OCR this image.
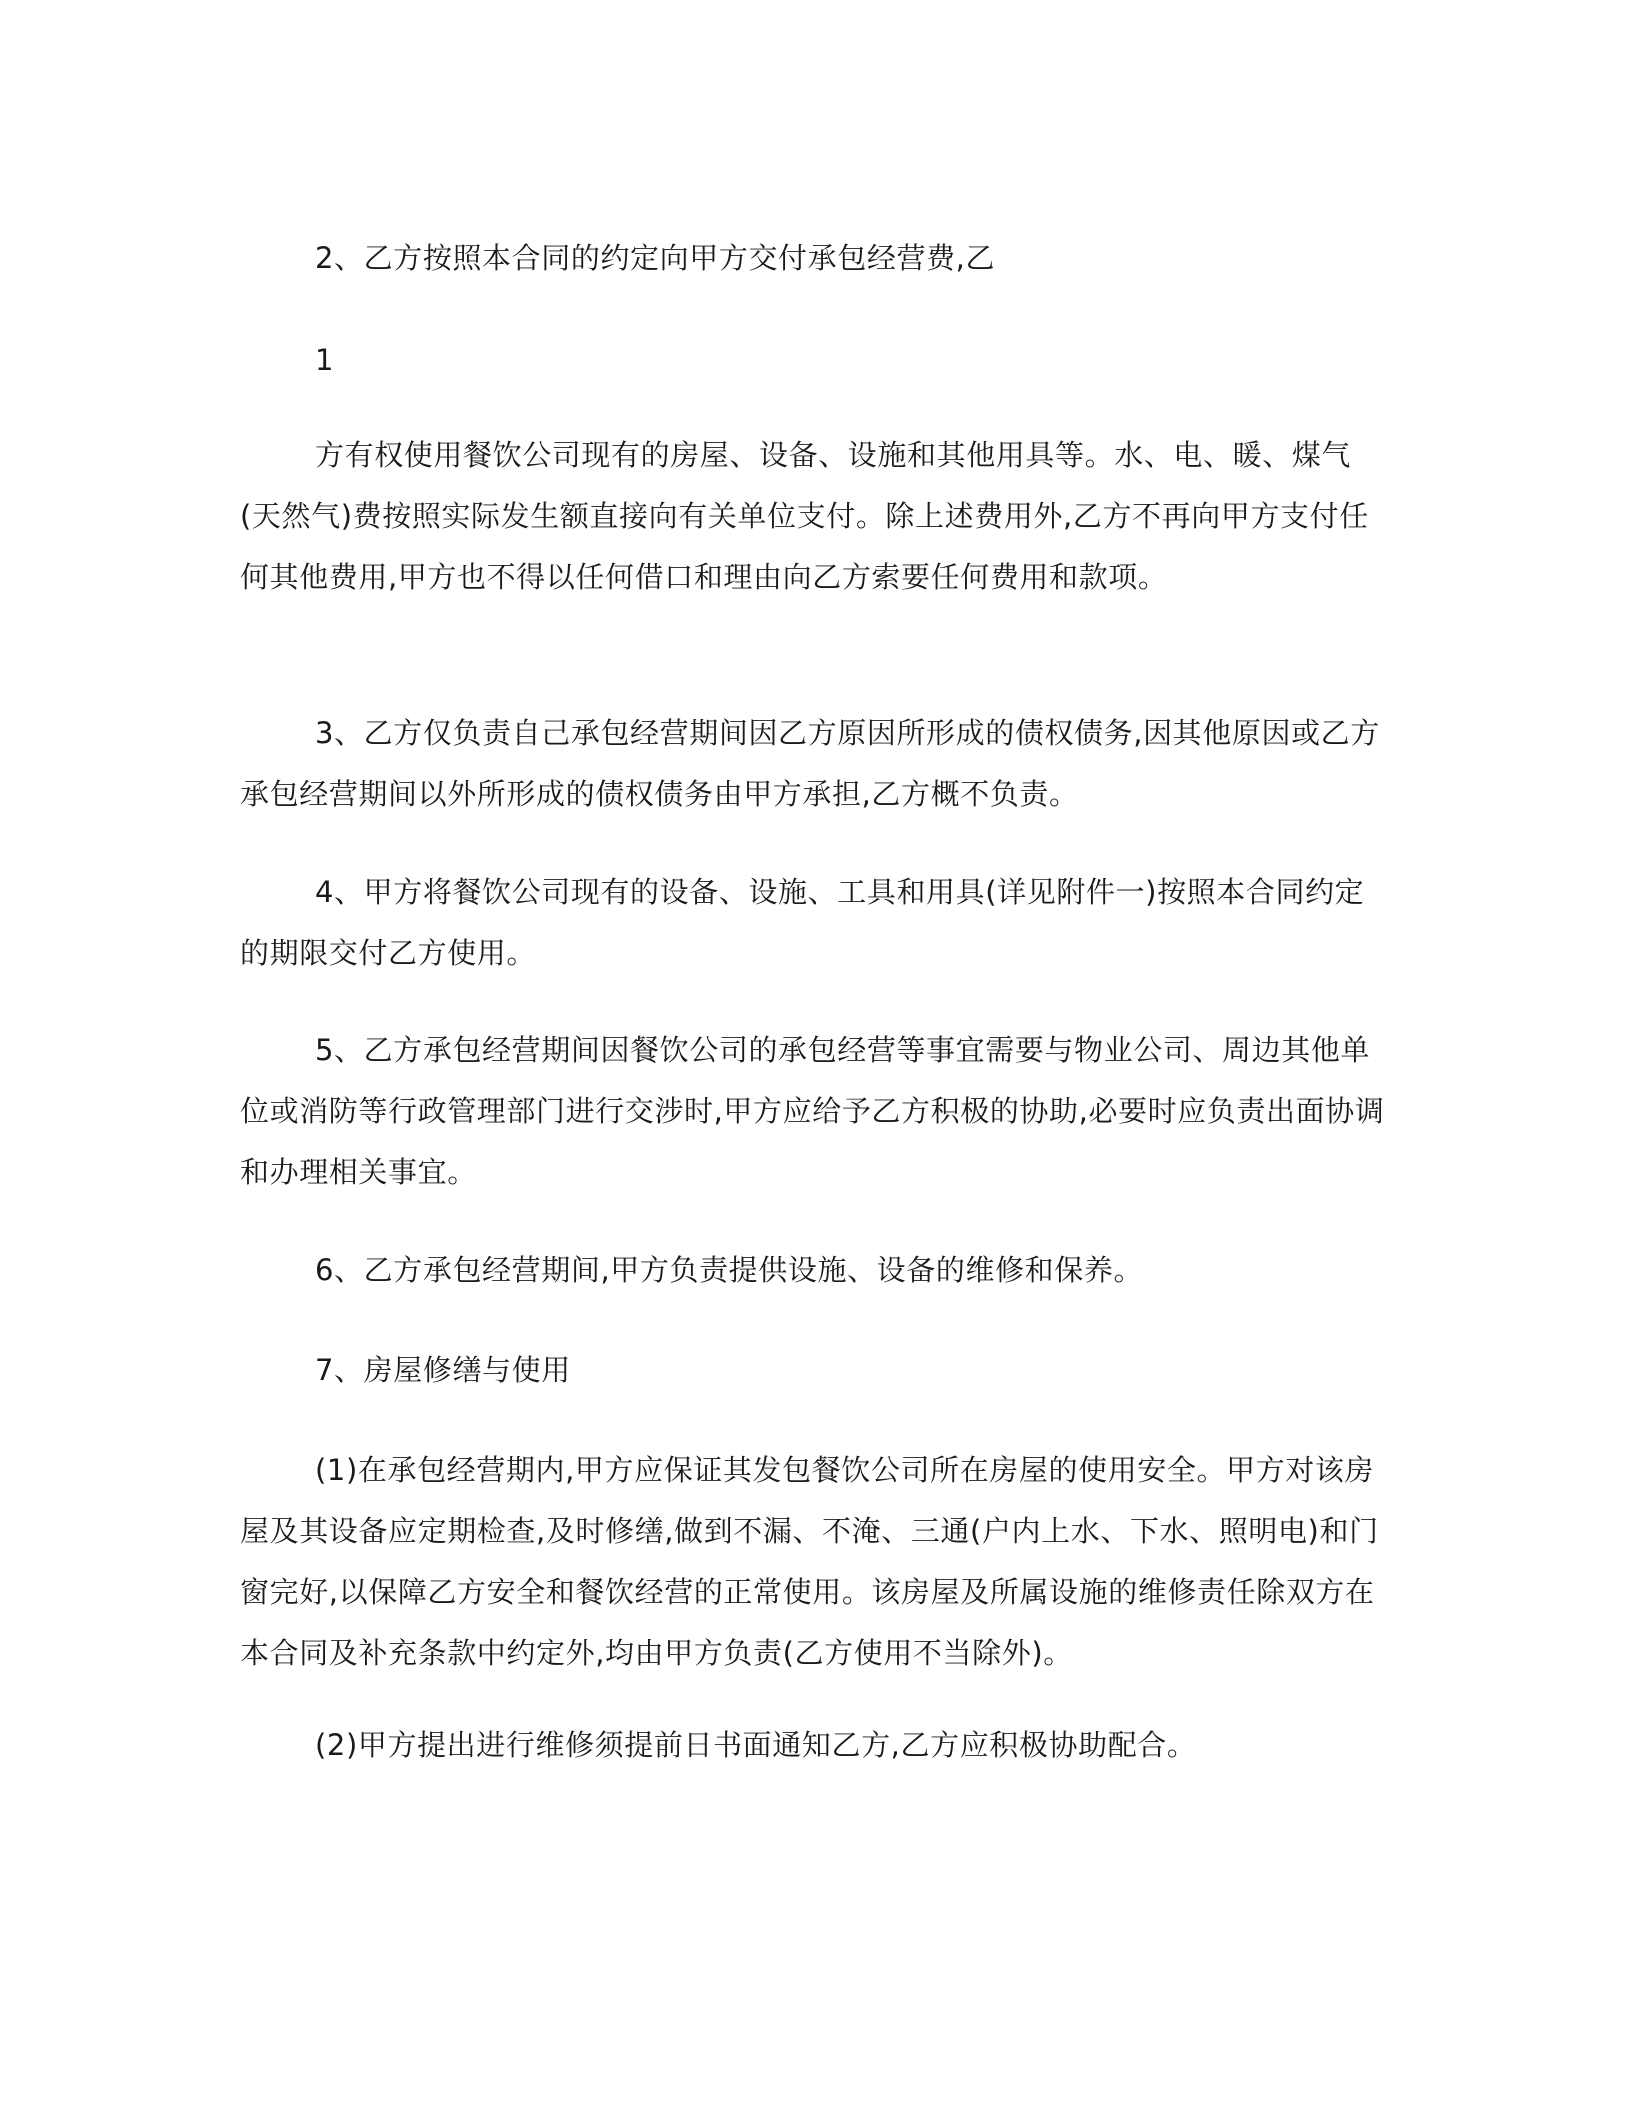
2、乙方按照本合同的约定向甲方交付承包经营费,乙

1

方有权使用餐饮公司现有的房屋、设备、设施和其他用具等。水、电、暖、煤气(天然气)费按照实际发生额直接向有关单位支付。除上述费用外,乙方不再向甲方支付任何其他费用,甲方也不得以任何借口和理由向乙方索要任何费用和款项。

3、乙方仅负责自己承包经营期间因乙方原因所形成的债权债务,因其他原因或乙方承包经营期间以外所形成的债权债务由甲方承担,乙方概不负责。

4、甲方将餐饮公司现有的设备、设施、工具和用具(详见附件一)按照本合同约定的期限交付乙方使用。

5、乙方承包经营期间因餐饮公司的承包经营等事宜需要与物业公司、周边其他单位或消防等行政管理部门进行交涉时,甲方应给予乙方积极的协助,必要时应负责出面协调和办理相关事宜。

6、乙方承包经营期间,甲方负责提供设施、设备的维修和保养。

7、房屋修缮与使用

(1)在承包经营期内,甲方应保证其发包餐饮公司所在房屋的使用安全。甲方对该房屋及其设备应定期检查,及时修缮,做到不漏、不淹、三通(户内上水、下水、照明电)和门窗完好,以保障乙方安全和餐饮经营的正常使用。该房屋及所属设施的维修责任除双方在本合同及补充条款中约定外,均由甲方负责(乙方使用不当除外)。

(2)甲方提出进行维修须提前日书面通知乙方,乙方应积极协助配合。
